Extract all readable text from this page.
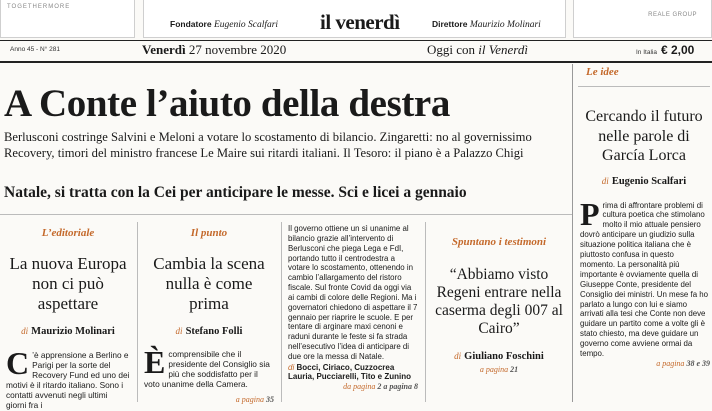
TOGETHERMORE
Fondatore Eugenio Scalfari il venerdì	Direttore Maurizio Molinari
REALE GROUP
Anno 45 - N° 281	Venerdì 27 novembre 2020	Oggi con il Venerdì	In Italia € 2,00
A Conte l’aiuto della destra
Berlusconi costringe Salvini e Meloni a votare lo scostamento di bilancio. Zingaretti: no al governissimo
Recovery, timori del ministro francese Le Maire sui ritardi italiani. Il Tesoro: il piano è a Palazzo Chigi
Natale, si tratta con la Cei per anticipare le messe. Sci e licei a gennaio
L’editoriale
La nuova Europa non ci può aspettare
di Maurizio Molinari
C ’è apprensione a Berlino e Parigi per la sorte del Recovery Fund ed uno dei motivi è il ritardo italiano. Sono i contatti avvenuti negli ultimi giorni fra i
Il punto
Cambia la scena nulla è come prima
di Stefano Folli
Ècomprensibile che il presidente del Consiglio sia più che soddisfatto per il voto unanime della Camera.
a pagina 35
Il governo ottiene un sì unanime al bilancio grazie all’intervento di Berlusconi che piega Lega e FdI, portando tutto il centrodestra a votare lo scostamento, ottenendo in cambio l’allargamento del ristoro fiscale. Sul fronte Covid da oggi via ai cambi di colore delle Regioni. Ma i governatori chiedono di aspettare il 7 gennaio per riaprire le scuole. E per tentare di arginare maxi cenoni e raduni durante le feste si fa strada nell’esecutivo l’idea di anticipare di due ore la messa di Natale.
di Bocci, Ciriaco, Cuzzocrea Lauria, Pucciarelli, Tito e Zunino
da pagina 2 a pagina 8
Spuntano i testimoni
“Abbiamo visto Regeni entrare nella caserma degli 007 al Cairo”
di Giuliano Foschini
a pagina 21
Le idee
Cercando il futuro nelle parole di García Lorca
di Eugenio Scalfari
Prima di affrontare problemi di cultura poetica che stimolano molto il mio attuale pensiero dovrò anticipare un giudizio sulla situazione politica italiana che è piuttosto confusa in questo momento. La personalità più importante è ovviamente quella di Giuseppe Conte, presidente del Consiglio dei ministri. Un mese fa ho parlato a lungo con lui e siamo arrivati alla tesi che Conte non deve guidare un partito come a volte gli è stato chiesto, ma deve guidare un governo come avviene ormai da tempo.
a pagina 38 e 39
